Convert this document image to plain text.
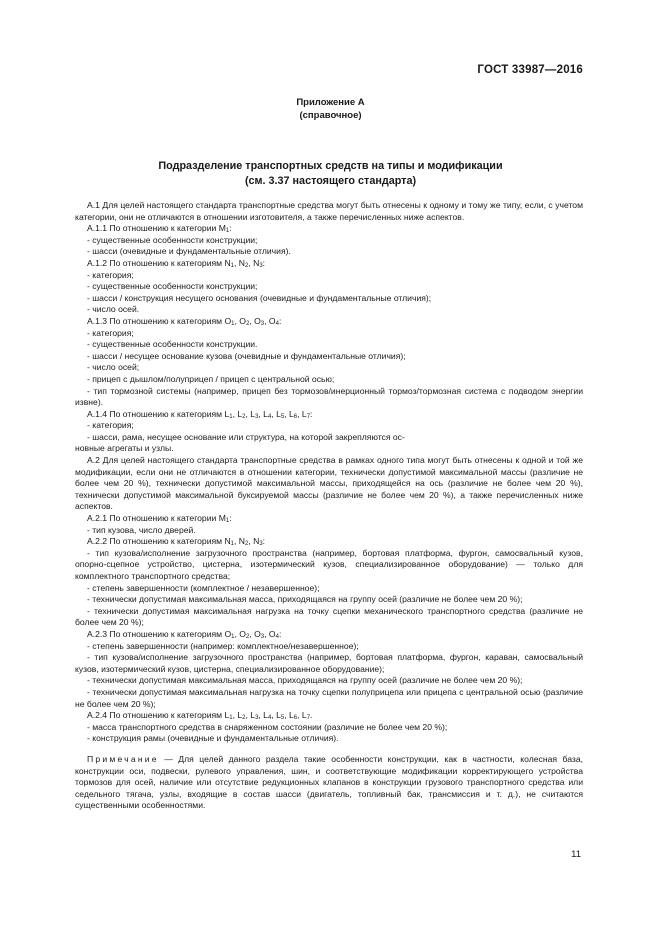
ГОСТ 33987—2016
Приложение А
(справочное)
Подразделение транспортных средств на типы и модификации
(см. 3.37 настоящего стандарта)

А.1 Для целей настоящего стандарта транспортные средства могут быть отнесены к одному и тому же типу, если, с учетом категории, они не отличаются в отношении изготовителя, а также перечисленных ниже аспектов.

А.1.1 По отношению к категории $М_1$:

- существенные особенности конструкции;

- шасси (очевидные и фундаментальные отличия).

А.1.2 По отношению к категориям $N_1$, $N_2$, $N_3$:

- категория;

- существенные особенности конструкции;

- шасси / конструкция несущего основания (очевидные и фундаментальные отличия);

- число осей.

А.1.3 По отношению к категориям $O_1$, $O_2$, $O_3$, $O_4$:

- категория;

- существенные особенности конструкции.

- шасси / несущее основание кузова (очевидные и фундаментальные отличия);

- число осей;

- прицеп с дышлом/полуприцеп / прицеп с центральной осью;

- тип тормозной системы (например, прицеп без тормозов/инерционный тормоз/тормозная система с подводом энергии извне).

А.1.4 По отношению к категориям $L_1$, $L_2$, $L_3$, $L_4$, $L_5$, $L_6$, $L_7$:

- категория;

- шасси, рама, несущее основание или структура, на которой закрепляются ос-

новные агрегаты и узлы.

А.2 Для целей настоящего стандарта транспортные средства в рамках одного типа могут быть отнесены к одной и той же модификации, если они не отличаются в отношении категории, технически допустимой максимальной массы (различие не более чем 20 %), технически допустимой максимальной массы, приходящейся на ось (различие не более чем 20 %), технически допустимой максимальной буксируемой массы (различие не более чем 20 %), а также перечисленных ниже аспектов.

А.2.1 По отношению к категории $М_1$:

- тип кузова, число дверей.

А.2.2 По отношению к категориям $N_1$, $N_2$, $N_3$:

- тип кузова/исполнение загрузочного пространства (например, бортовая платформа, фургон, самосвальный кузов, опорно-сцепное устройство, цистерна, изотермический кузов, специализированное оборудование) — только для комплектного транспортного средства;

- степень завершенности (комплектное / незавершенное);

- технически допустимая максимальная масса, приходящаяся на группу осей (различие не более чем 20 %);

- технически допустимая максимальная нагрузка на точку сцепки механического транспортного средства (различие не более чем 20 %);

А.2.3 По отношению к категориям $O_1$, $O_2$, $O_3$, $O_4$:

- степень завершенности (например: комплектное/незавершенное);

- тип кузова/исполнение загрузочного пространства (например, бортовая платформа, фургон, караван, самосвальный кузов, изотермический кузов, цистерна, специализированное оборудование);

- технически допустимая максимальная масса, приходящаяся на группу осей (различие не более чем 20 %);

- технически допустимая максимальная нагрузка на точку сцепки полуприцепа или прицепа с центральной осью (различие не более чем 20 %);

А.2.4 По отношению к категориям $L_1$, $L_2$, $L_3$, $L_4$, $L_5$, $L_6$, $L_7$.

- масса транспортного средства в снаряженном состоянии (различие не более чем 20 %);

- конструкция рамы (очевидные и фундаментальные отличия).

Примечание — Для целей данного раздела такие особенности конструкции, как в частности, колесная база, конструкции оси, подвески, рулевого управления, шин, и соответствующие модификации корректирующего устройства тормозов для осей, наличие или отсутствие редукционных клапанов в конструкции грузового транспортного средства или седельного тягача, узлы, входящие в состав шасси (двигатель, топливный бак, трансмиссия и т. д.), не считаются существенными особенностями.

11
